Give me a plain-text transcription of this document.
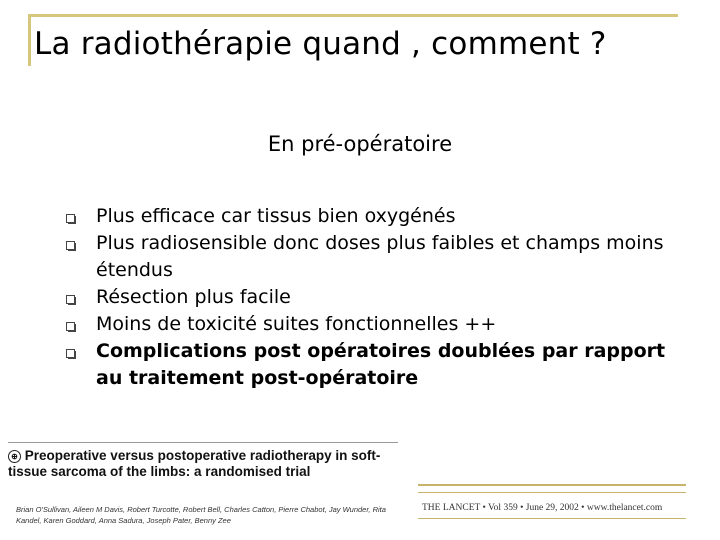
La radiothérapie quand , comment ?
En pré-opératoire
Plus efficace car tissus bien oxygénés
Plus radiosensible donc doses plus faibles et champs moins étendus
Résection plus facile
Moins de toxicité suites fonctionnelles ++
Complications post opératoires doublées par rapport au traitement post-opératoire
⊕ Preoperative versus postoperative radiotherapy in soft-tissue sarcoma of the limbs: a randomised trial
Brian O'Sullivan, Aileen M Davis, Robert Turcotte, Robert Bell, Charles Catton, Pierre Chabot, Jay Wunder, Rita Kandel, Karen Goddard, Anna Sadura, Joseph Pater, Benny Zee
THE LANCET • Vol 359 • June 29, 2002 • www.thelancet.com
